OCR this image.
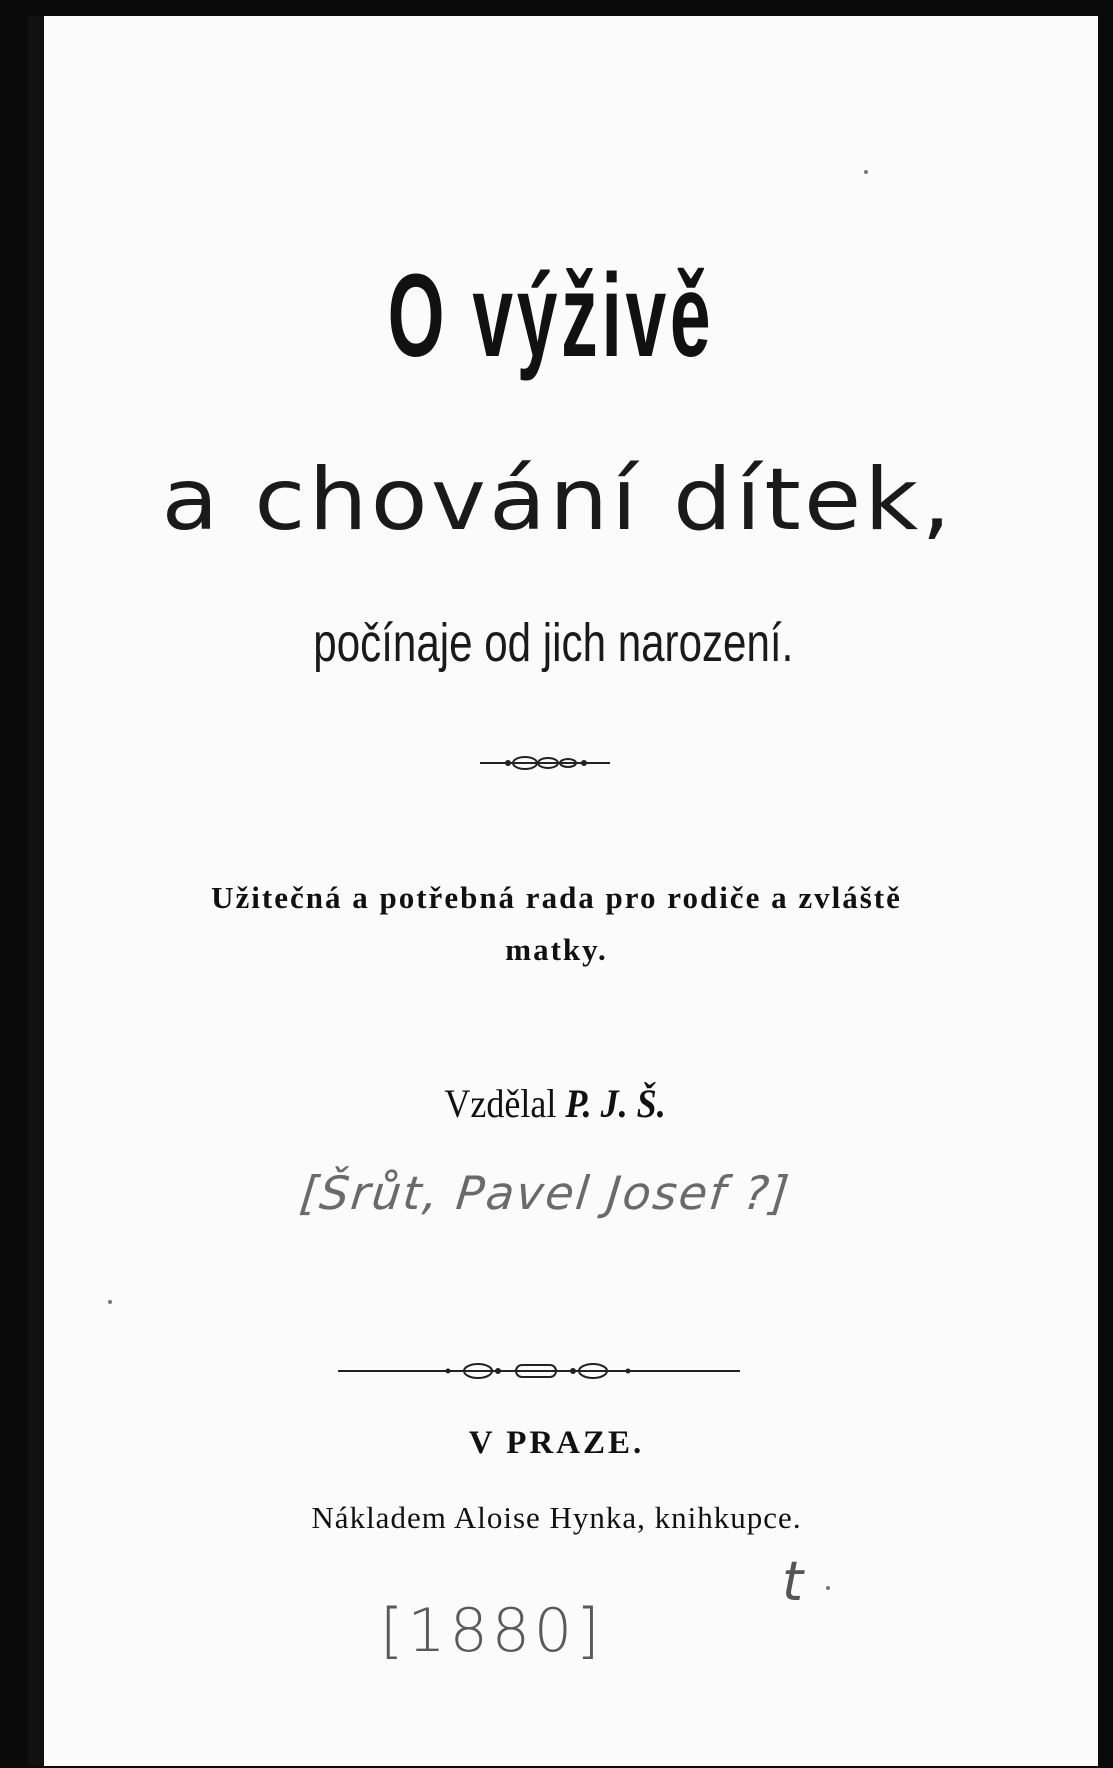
O výživě
a chování dítek,
počínaje od jich narození.
Užitečná a potřebná rada pro rodiče a zvláště
matky.
Vzdělal P. J. Š.
[Šrůt, Pavel Josef ?]
V PRAZE.
Nákladem Aloise Hynka, knihkupce.
t
[1880]
